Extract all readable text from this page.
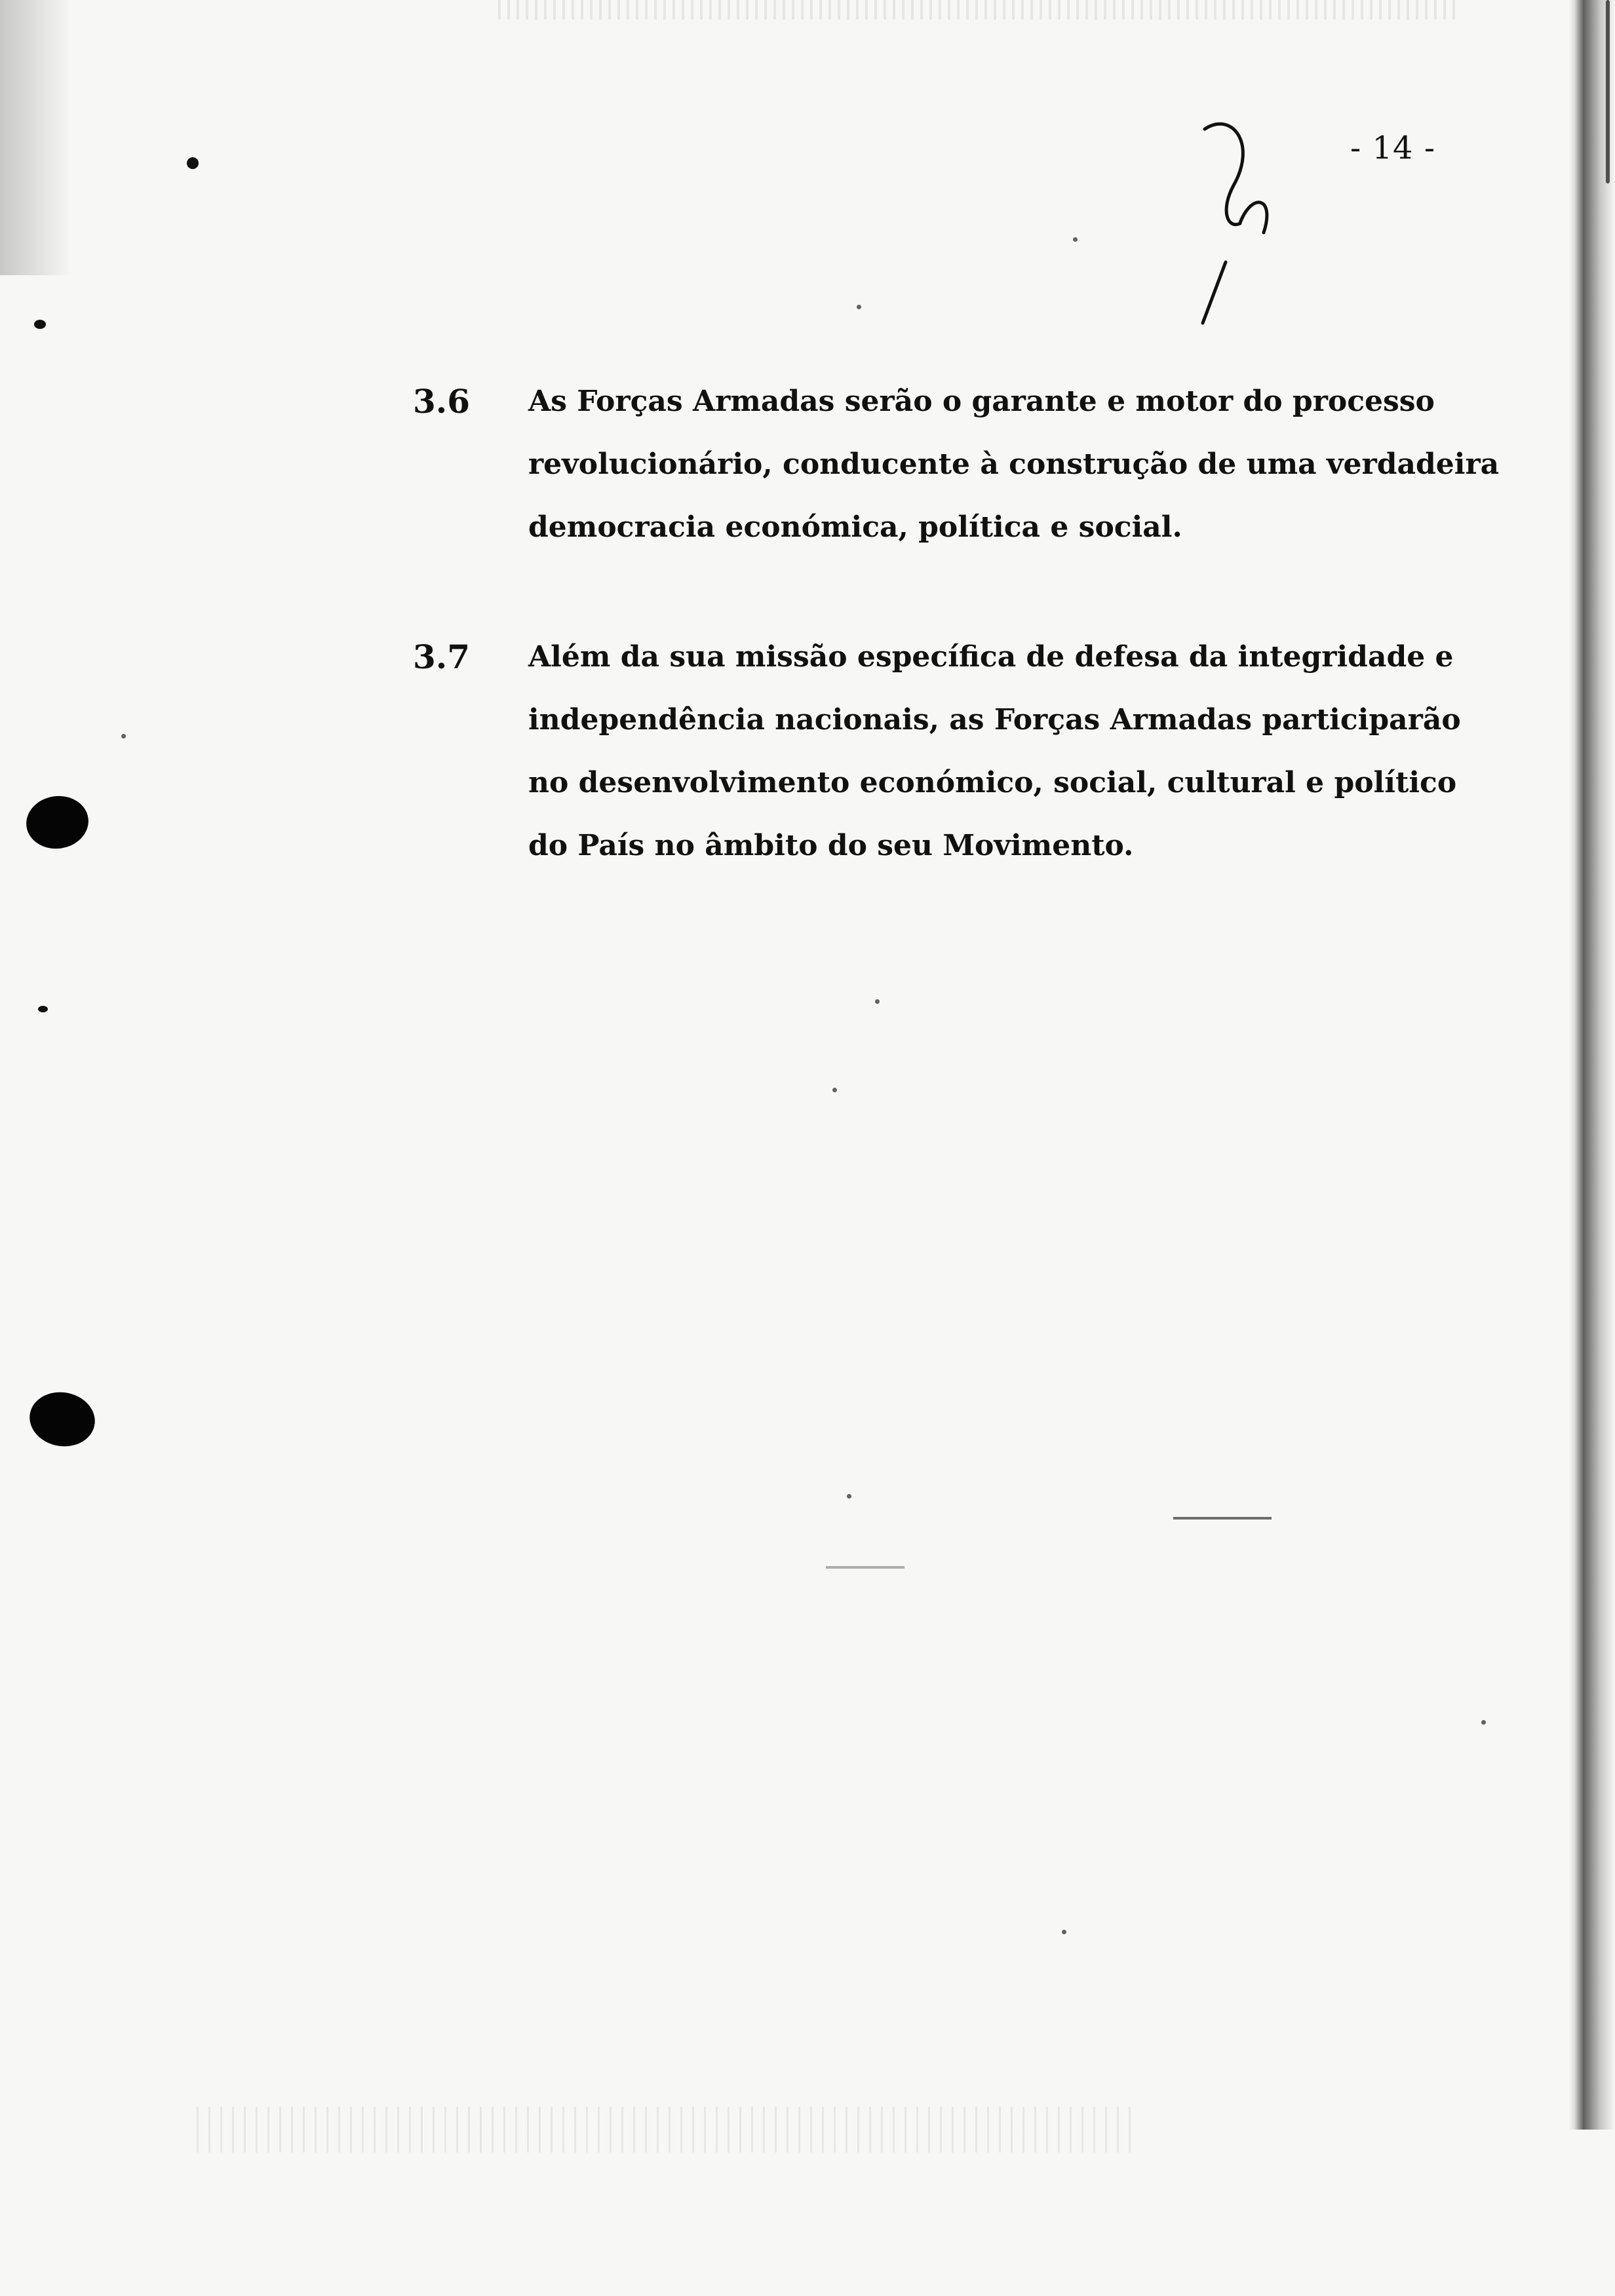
- 14 -
3.6 As Forças Armadas serão o garante e motor do processo
revolucionário, conducente à construção de uma verdadeira
democracia económica, política e social.

3.7 Além da sua missão específica de defesa da integridade e
independência nacionais, as Forças Armadas participarão
no desenvolvimento económico, social, cultural e político
do País no âmbito do seu Movimento.
